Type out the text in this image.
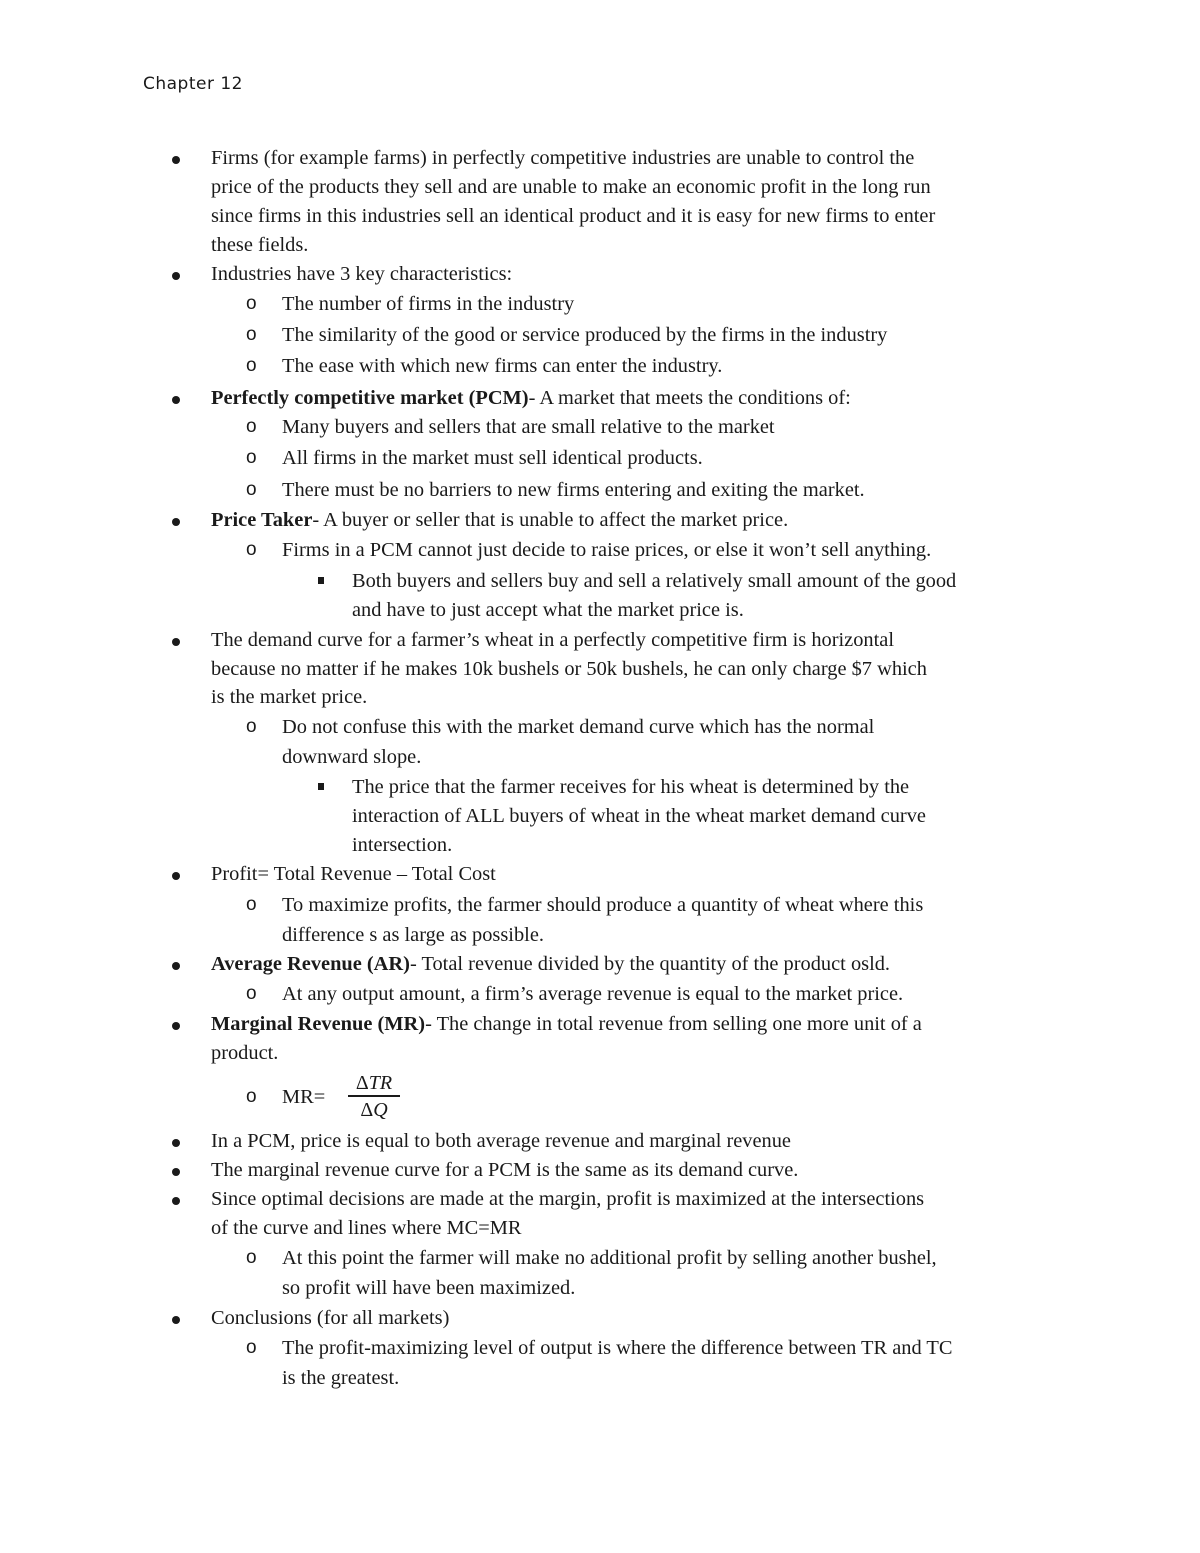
Chapter 12
Firms (for example farms) in perfectly competitive industries are unable to control the
price of the products they sell and are unable to make an economic profit in the long run
since firms in this industries sell an identical product and it is easy for new firms to enter
these fields.
Industries have 3 key characteristics:
o The number of firms in the industry
o The similarity of the good or service produced by the firms in the industry
o The ease with which new firms can enter the industry.
Perfectly competitive market (PCM)- A market that meets the conditions of:
o Many buyers and sellers that are small relative to the market
o All firms in the market must sell identical products.
o There must be no barriers to new firms entering and exiting the market.
Price Taker- A buyer or seller that is unable to affect the market price.
o Firms in a PCM cannot just decide to raise prices, or else it won’t sell anything.
Both buyers and sellers buy and sell a relatively small amount of the good
and have to just accept what the market price is.
The demand curve for a farmer’s wheat in a perfectly competitive firm is horizontal
because no matter if he makes 10k bushels or 50k bushels, he can only charge $7 which
is the market price.
o Do not confuse this with the market demand curve which has the normal
downward slope.
The price that the farmer receives for his wheat is determined by the
interaction of ALL buyers of wheat in the wheat market demand curve
intersection.
Profit= Total Revenue – Total Cost
o To maximize profits, the farmer should produce a quantity of wheat where this
difference s as large as possible.
Average Revenue (AR)- Total revenue divided by the quantity of the product osld.
o At any output amount, a firm’s average revenue is equal to the market price.
Marginal Revenue (MR)- The change in total revenue from selling one more unit of a
product.
o MR=
ΔTR
ΔQ
In a PCM, price is equal to both average revenue and marginal revenue
The marginal revenue curve for a PCM is the same as its demand curve.
Since optimal decisions are made at the margin, profit is maximized at the intersections
of the curve and lines where MC=MR
o At this point the farmer will make no additional profit by selling another bushel,
so profit will have been maximized.
Conclusions (for all markets)
o The profit-maximizing level of output is where the difference between TR and TC
is the greatest.
